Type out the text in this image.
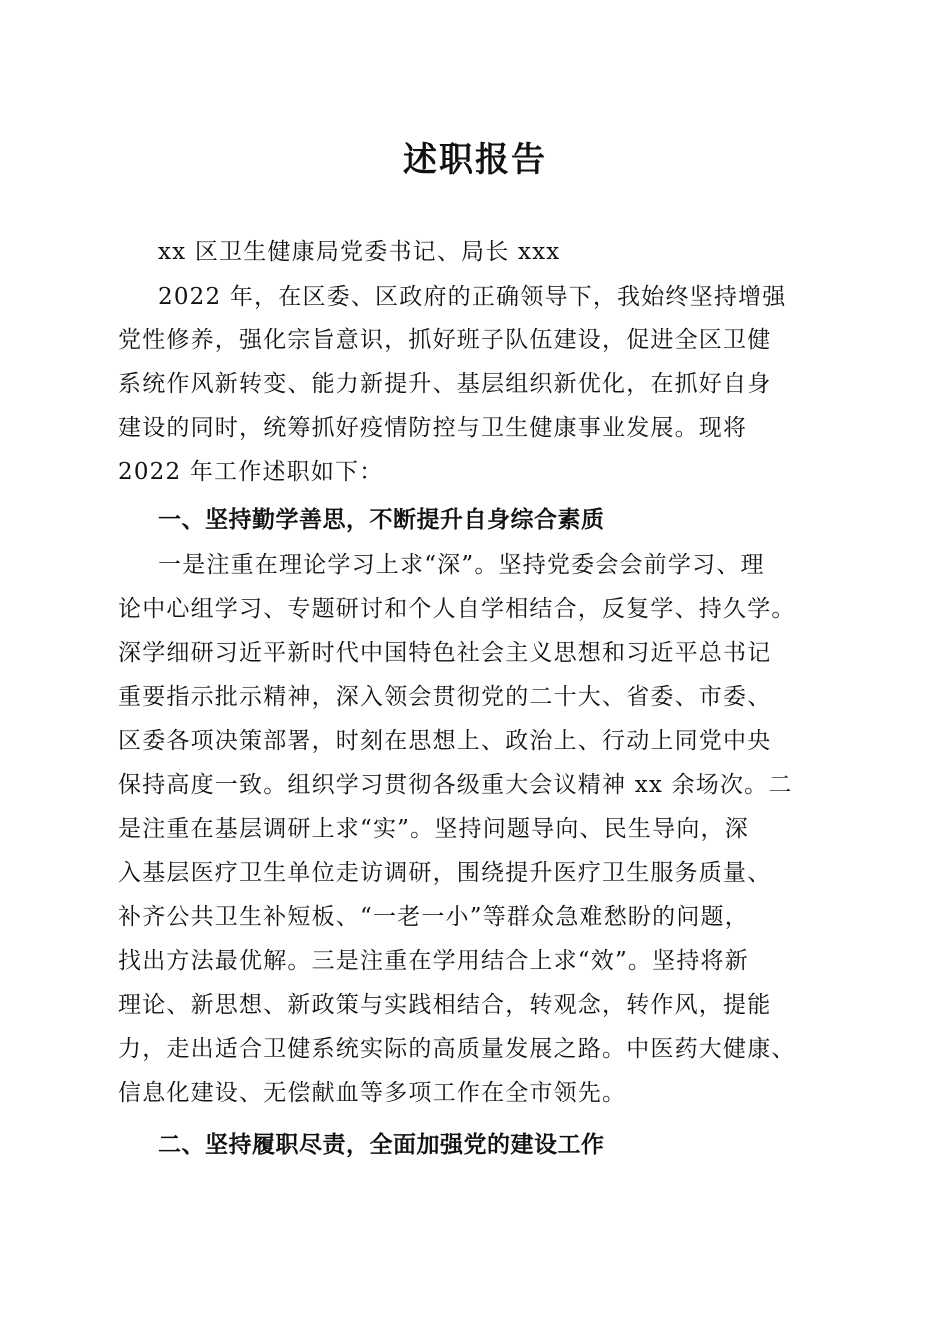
述职报告
xx 区卫生健康局党委书记、局长 xxx
2022 年，在区委、区政府的正确领导下，我始终坚持增强
党性修养，强化宗旨意识，抓好班子队伍建设，促进全区卫健
系统作风新转变、能力新提升、基层组织新优化，在抓好自身
建设的同时，统筹抓好疫情防控与卫生健康事业发展。现将
2022 年工作述职如下：
一、坚持勤学善思，不断提升自身综合素质
一是注重在理论学习上求“深”。坚持党委会会前学习、理
论中心组学习、专题研讨和个人自学相结合，反复学、持久学。
深学细研习近平新时代中国特色社会主义思想和习近平总书记
重要指示批示精神，深入领会贯彻党的二十大、省委、市委、
区委各项决策部署，时刻在思想上、政治上、行动上同党中央
保持高度一致。组织学习贯彻各级重大会议精神 xx 余场次。二
是注重在基层调研上求“实”。坚持问题导向、民生导向，深
入基层医疗卫生单位走访调研，围绕提升医疗卫生服务质量、
补齐公共卫生补短板、“一老一小”等群众急难愁盼的问题，
找出方法最优解。三是注重在学用结合上求“效”。坚持将新
理论、新思想、新政策与实践相结合，转观念，转作风，提能
力，走出适合卫健系统实际的高质量发展之路。中医药大健康、
信息化建设、无偿献血等多项工作在全市领先。
二、坚持履职尽责，全面加强党的建设工作
